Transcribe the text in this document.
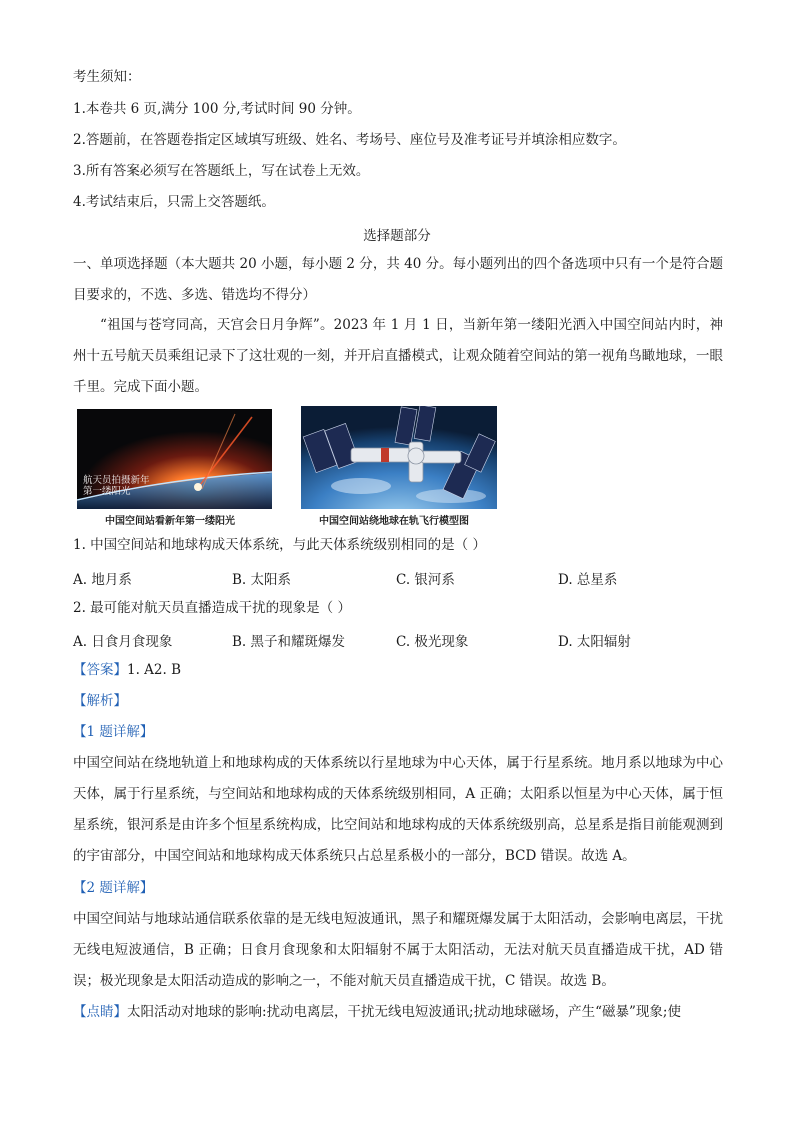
考生须知：
1.本卷共 6 页,满分 100 分,考试时间 90 分钟。
2.答题前，在答题卷指定区域填写班级、姓名、考场号、座位号及准考证号并填涂相应数字。
3.所有答案必须写在答题纸上，写在试卷上无效。
4.考试结束后，只需上交答题纸。
选择题部分
一、单项选择题（本大题共 20 小题，每小题 2 分，共 40 分。每小题列出的四个备选项中只有一个是符合题目要求的，不选、多选、错选均不得分）
“祖国与苍穹同高，天宫会日月争辉”。2023 年 1 月 1 日，当新年第一缕阳光洒入中国空间站内时，神州十五号航天员乘组记录下了这壮观的一刻，并开启直播模式，让观众随着空间站的第一视角鸟瞰地球，一眼千里。完成下面小题。
航天员拍摄新年
第一缕阳光
中国空间站看新年第一缕阳光	中国空间站绕地球在轨飞行模型图
1. 中国空间站和地球构成天体系统，与此天体系统级别相同的是（ ）
A. 地月系	B. 太阳系	C. 银河系	D. 总星系
2. 最可能对航天员直播造成干扰的现象是（ ）
A. 日食月食现象	B. 黑子和耀斑爆发	C. 极光现象	D. 太阳辐射
【答案】1. A2. B
【解析】
【1 题详解】
中国空间站在绕地轨道上和地球构成的天体系统以行星地球为中心天体，属于行星系统。地月系以地球为中心天体，属于行星系统，与空间站和地球构成的天体系统级别相同，A 正确；太阳系以恒星为中心天体，属于恒星系统，银河系是由许多个恒星系统构成，比空间站和地球构成的天体系统级别高，总星系是指目前能观测到的宇宙部分，中国空间站和地球构成天体系统只占总星系极小的一部分，BCD 错误。故选 A。
【2 题详解】
中国空间站与地球站通信联系依靠的是无线电短波通讯，黑子和耀斑爆发属于太阳活动，会影响电离层，干扰无线电短波通信，B 正确；日食月食现象和太阳辐射不属于太阳活动，无法对航天员直播造成干扰，AD 错误；极光现象是太阳活动造成的影响之一，不能对航天员直播造成干扰，C 错误。故选 B。
【点睛】太阳活动对地球的影响:扰动电离层，干扰无线电短波通讯;扰动地球磁场，产生“磁暴”现象;使
